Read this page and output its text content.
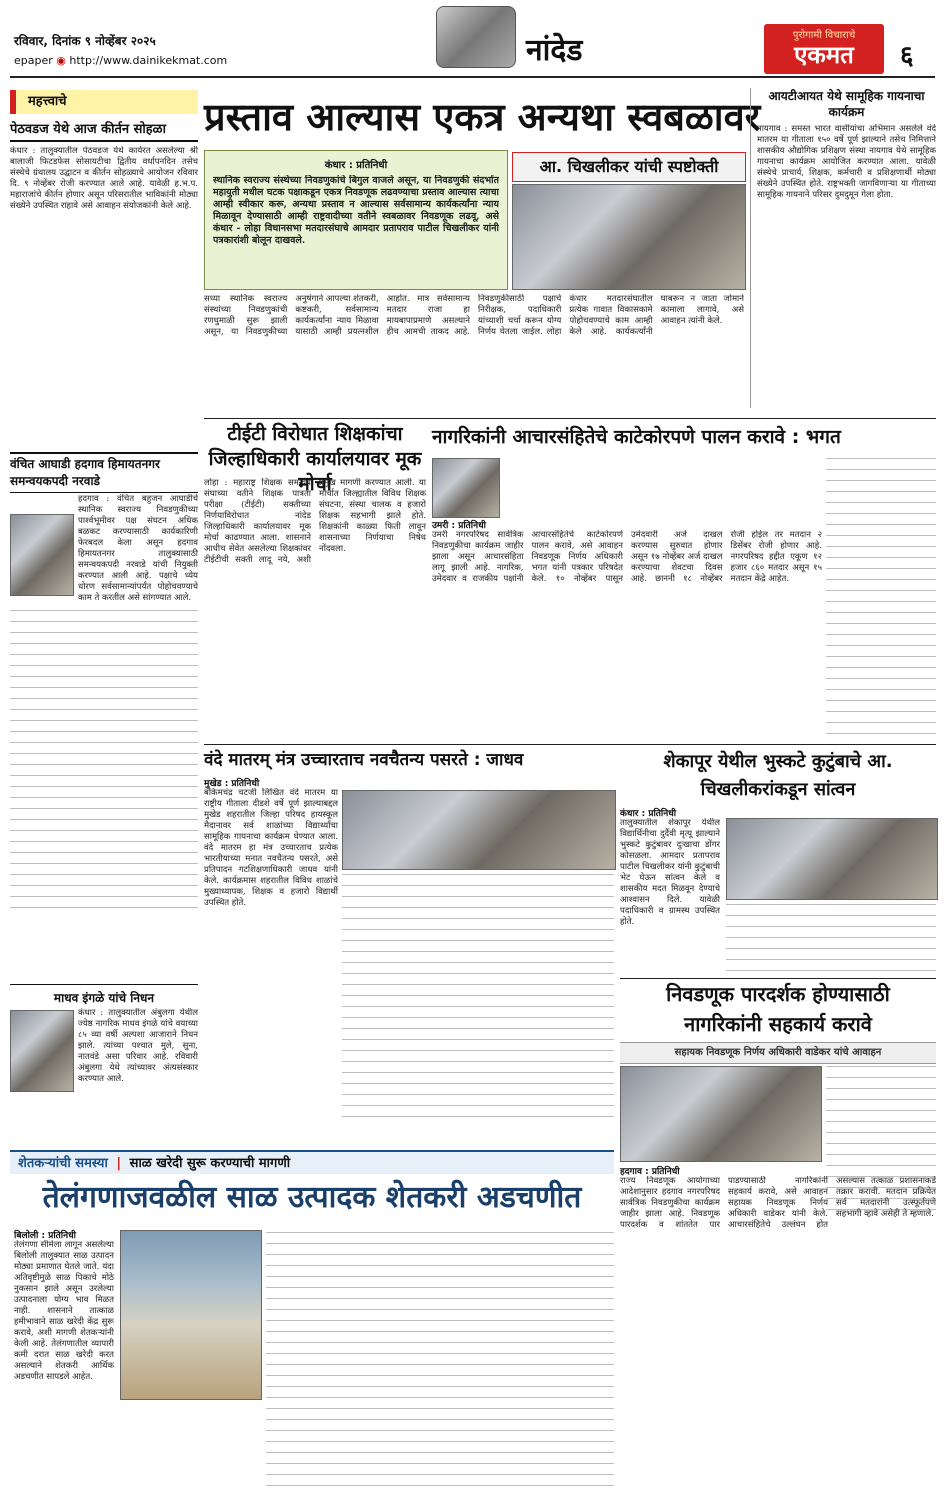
रविवार, दिनांक ९ नोव्हेंबर २०२५
epaper ◉ http://www.dainikekmat.com	नांदेड	पुरोगामी विचाराचे
एकमत	६
महत्त्वाचे
पेठवडज येथे आज कीर्तन सोहळा
कंधार : तालुक्यातील पेठवडज येथे कार्यरत असलेल्या श्री बालाजी फिटडफेस सोसायटीचा द्वितीय वर्धापनदिन तसेच संस्थेचे ग्रंथालय उद्घाटन व कीर्तन सोहळ्याचे आयोजन रविवार दि. ९ नोव्हेंबर रोजी करण्यात आले आहे. यावेळी ह.भ.प. महाराजांचे कीर्तन होणार असून परिसरातील भाविकांनी मोठ्या संख्येने उपस्थित राहावे असे आवाहन संयोजकांनी केले आहे.
वंचित आघाडी हदगाव हिमायतनगर समन्वयकपदी नरवाडे
हदगाव : वंचित बहुजन आघाडीचे स्थानिक स्वराज्य निवडणुकीच्या पार्श्वभूमीवर पक्ष संघटन अधिक बळकट करण्यासाठी कार्यकारिणी फेरबदल केला असून हदगाव हिमायतनगर तालुक्यासाठी समन्वयकपदी नरवाडे यांची नियुक्ती करण्यात आली आहे. पक्षाचे ध्येय धोरण सर्वसामान्यांपर्यंत पोहोचवण्याचे काम ते करतील असे सांगण्यात आले.
माधव इंगळे यांचे निधन
कंधार : तालुक्यातील अंबुलगा येथील ज्येष्ठ नागरिक माधव इंगळे यांचे वयाच्या ८५ व्या वर्षी अल्पशा आजाराने निधन झाले. त्यांच्या पश्चात मुले, सुना, नातवंडे असा परिवार आहे. रविवारी अंबुलगा येथे त्यांच्यावर अंत्यसंस्कार करण्यात आले.
प्रस्ताव आल्यास एकत्र अन्यथा स्वबळावर
कंधार : प्रतिनिधी
स्थानिक स्वराज्य संस्थेच्या निवडणुकांचे बिगुल वाजले असून, या निवडणुकी संदर्भात महायुती मधील घटक पक्षाकडून एकत्र निवडणूक लढवण्याचा प्रस्ताव आल्यास त्याचा आम्ही स्वीकार करू, अन्यथा प्रस्ताव न आल्यास सर्वसामान्य कार्यकर्त्यांना न्याय मिळावून देण्यासाठी आम्ही राष्ट्रवादीच्या वतीने स्वबळावर निवडणूक लढवू, असे कंधार - लोहा विधानसभा मतदारसंघाचे आमदार प्रतापराव पाटील चिखलीकर यांनी पत्रकारांशी बोलून दाखवले.
आ. चिखलीकर यांची स्पष्टोक्ती
सध्या स्थानिक स्वराज्य संस्थांच्या निवडणुकांची रणधुमाळी सुरू झाली असून, या निवडणुकीच्या अनुषंगाने आपल्या शेतकरी, कष्टकरी, सर्वसामान्य कार्यकर्त्यांना न्याय मिळावा यासाठी आम्ही प्रयत्नशील आहोत. मात्र सर्वसामान्य मतदार राजा हा मायबापाप्रमाणे असल्याने हीच आमची ताकद आहे. निवडणुकीसाठी पक्षाचे निरीक्षक, पदाधिकारी यांच्याशी चर्चा करून योग्य निर्णय घेतला जाईल. लोहा कंधार मतदारसंघातील प्रत्येक गावात विकासकामे पोहोचवण्याचे काम आम्ही केले आहे. कार्यकर्त्यांनी घाबरून न जाता जोमाने कामाला लागावे, असे आवाहन त्यांनी केले.
आयटीआयत येथे सामूहिक गायनाचा कार्यक्रम
नायगाव : समस्त भारत वासीयांचा अभिमान असलेले वंदे मातरम या गीताला १५० वर्षे पूर्ण झाल्याने तसेच निमित्ताने शासकीय औद्योगिक प्रशिक्षण संस्था नायगाव येथे सामूहिक गायनाचा कार्यक्रम आयोजित करण्यात आला. यावेळी संस्थेचे प्राचार्य, शिक्षक, कर्मचारी व प्रशिक्षणार्थी मोठ्या संख्येने उपस्थित होते. राष्ट्रभक्ती जागविणाऱ्या या गीताच्या सामूहिक गायनाने परिसर दुमदुमून गेला होता.
टीईटी विरोधात शिक्षकांचा जिल्हाधिकारी कार्यालयावर मूक मोर्चा
लोहा : महाराष्ट्र शिक्षक समन्वय संघाच्या वतीने शिक्षक पात्रता परीक्षा (टीईटी) सक्तीच्या निर्णयाविरोधात नांदेड जिल्हाधिकारी कार्यालयावर मूक मोर्चा काढण्यात आला. शासनाने आधीच सेवेत असलेल्या शिक्षकांवर टीईटीची सक्ती लादू नये, अशी प्रमुख मागणी करण्यात आली. या मोर्चात जिल्ह्यातील विविध शिक्षक संघटना, संस्था चालक व हजारो शिक्षक सहभागी झाले होते. शिक्षकांनी काळ्या फिती लावून शासनाच्या निर्णयाचा निषेध नोंदवला.
नागरिकांनी आचारसंहितेचे काटेकोरपणे पालन करावे : भगत
उमरी : प्रतिनिधी
उमरी नगरपरिषद सार्वत्रिक निवडणुकीचा कार्यक्रम जाहीर झाला असून आचारसंहिता लागू झाली आहे. नागरिक, उमेदवार व राजकीय पक्षांनी आचारसंहितेचे काटेकोरपणे पालन करावे, असे आवाहन निवडणूक निर्णय अधिकारी भगत यांनी पत्रकार परिषदेत केले. १० नोव्हेंबर पासून उमेदवारी अर्ज दाखल करण्यास सुरुवात होणार असून १७ नोव्हेंबर अर्ज दाखल करण्याचा शेवटचा दिवस आहे. छाननी १८ नोव्हेंबर रोजी होईल तर मतदान २ डिसेंबर रोजी होणार आहे. नगरपरिषद हद्दीत एकूण १२ हजार ८६० मतदार असून १५ मतदान केंद्रे आहेत.
वंदे मातरम् मंत्र उच्चारताच नवचैतन्य पसरते : जाधव
मुखेड : प्रतिनिधी
बंकिमचंद्र चटर्जी लिखित वंदे मातरम या राष्ट्रीय गीताला दीडशे वर्षे पूर्ण झाल्याबद्दल मुखेड शहरातील जिल्हा परिषद हायस्कूल मैदानावर सर्व शाळांच्या विद्यार्थ्यांचा सामूहिक गायनाचा कार्यक्रम घेण्यात आला. वंदे मातरम हा मंत्र उच्चारताच प्रत्येक भारतीयाच्या मनात नवचैतन्य पसरते, असे प्रतिपादन गटशिक्षणाधिकारी जाधव यांनी केले. कार्यक्रमास शहरातील विविध शाळांचे मुख्याध्यापक, शिक्षक व हजारो विद्यार्थी उपस्थित होते.
शेकापूर येथील भुस्कटे कुटुंबाचे आ. चिखलीकरांकडून सांत्वन
कंधार : प्रतिनिधी
तालुक्यातील शेकापूर येथील विद्यार्थिनीचा दुर्दैवी मृत्यू झाल्याने भुस्कटे कुटुंबावर दुःखाचा डोंगर कोसळला. आमदार प्रतापराव पाटील चिखलीकर यांनी कुटुंबाची भेट घेऊन सांत्वन केले व शासकीय मदत मिळवून देण्याचे आश्वासन दिले. यावेळी पदाधिकारी व ग्रामस्थ उपस्थित होते.
निवडणूक पारदर्शक होण्यासाठी
नागरिकांनी सहकार्य करावे
सहायक निवडणूक निर्णय अधिकारी वाडेकर यांचे आवाहन
हदगाव : प्रतिनिधी
राज्य निवडणूक आयोगाच्या आदेशानुसार हदगाव नगरपरिषद सार्वत्रिक निवडणुकीचा कार्यक्रम जाहीर झाला आहे. निवडणूक पारदर्शक व शांततेत पार पाडण्यासाठी नागरिकांनी सहकार्य करावे, असे आवाहन सहायक निवडणूक निर्णय अधिकारी वाडेकर यांनी केले. आचारसंहितेचे उल्लंघन होत असल्यास तत्काळ प्रशासनाकडे तक्रार करावी. मतदान प्रक्रियेत सर्व मतदारांनी उत्स्फूर्तपणे सहभागी व्हावे असेही ते म्हणाले.
शेतकऱ्यांची समस्या | साळ खरेदी सुरू करण्याची मागणी
तेलंगणाजवळील साळ उत्पादक शेतकरी अडचणीत
बिलोली : प्रतिनिधी
तेलंगणा सीमेला लागून असलेल्या बिलोली तालुक्यात साळ उत्पादन मोठ्या प्रमाणात घेतले जाते. यंदा अतिवृष्टीमुळे साळ पिकाचे मोठे नुकसान झाले असून उरलेल्या उत्पादनाला योग्य भाव मिळत नाही. शासनाने तात्काळ हमीभावाने साळ खरेदी केंद्र सुरू करावे, अशी मागणी शेतकऱ्यांनी केली आहे. तेलंगणातील व्यापारी कमी दरात साळ खरेदी करत असल्याने शेतकरी आर्थिक अडचणीत सापडले आहेत.
